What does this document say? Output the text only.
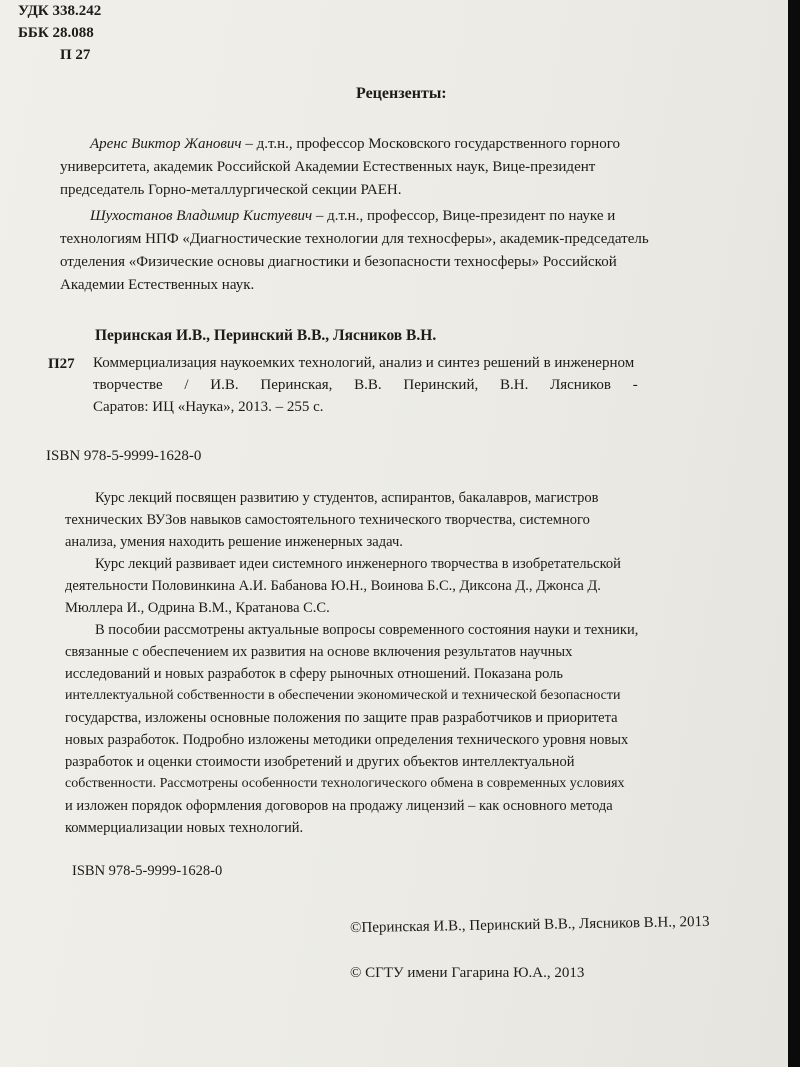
УДК 338.242
ББК 28.088
П 27
Рецензенты:
Аренс Виктор Жанович – д.т.н., профессор Московского государственного горного
университета, академик Российской Академии Естественных наук, Вице-президент
председатель Горно-металлургической секции РАЕН.
Шухостанов Владимир Кистуевич – д.т.н., профессор, Вице-президент по науке и
технологиям НПФ «Диагностические технологии для техносферы», академик-председатель
отделения «Физические основы диагностики и безопасности техносферы» Российской
Академии Естественных наук.
Перинская И.В., Перинский В.В., Лясников В.Н.
П27 Коммерциализация наукоемких технологий, анализ и синтез решений в инженерном
творчестве / И.В. Перинская, В.В. Перинский, В.Н. Лясников -
Саратов: ИЦ «Наука», 2013. – 255 с.
ISBN 978-5-9999-1628-0
Курс лекций посвящен развитию у студентов, аспирантов, бакалавров, магистров
технических ВУЗов навыков самостоятельного технического творчества, системного
анализа, умения находить решение инженерных задач.
Курс лекций развивает идеи системного инженерного творчества в изобретательской
деятельности Половинкина А.И. Бабанова Ю.Н., Воинова Б.С., Диксона Д., Джонса Д.
Мюллера И., Одрина В.М., Кратанова С.С.
В пособии рассмотрены актуальные вопросы современного состояния науки и техники,
связанные с обеспечением их развития на основе включения результатов научных
исследований и новых разработок в сферу рыночных отношений. Показана роль
интеллектуальной собственности в обеспечении экономической и технической безопасности
государства, изложены основные положения по защите прав разработчиков и приоритета
новых разработок. Подробно изложены методики определения технического уровня новых
разработок и оценки стоимости изобретений и других объектов интеллектуальной
собственности. Рассмотрены особенности технологического обмена в современных условиях
и изложен порядок оформления договоров на продажу лицензий – как основного метода
коммерциализации новых технологий.
ISBN 978-5-9999-1628-0
©Перинская И.В., Перинский В.В., Лясников В.Н., 2013
© СГТУ имени Гагарина Ю.А., 2013
